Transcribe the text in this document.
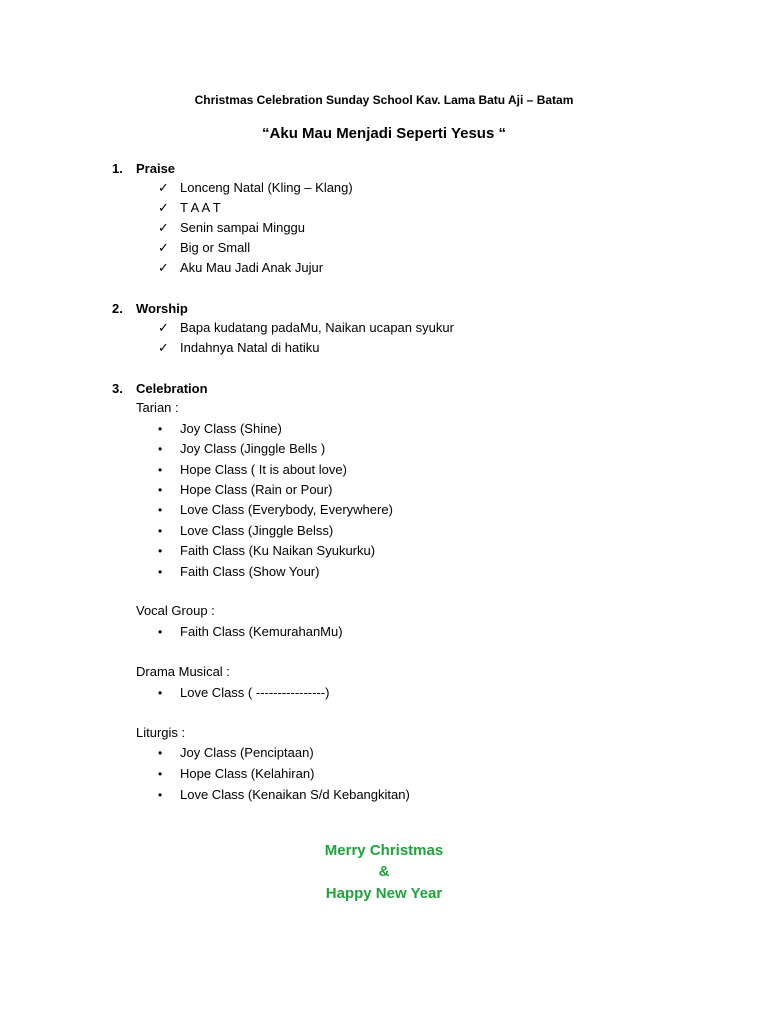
Christmas Celebration Sunday School Kav. Lama Batu Aji – Batam
“Aku Mau Menjadi Seperti Yesus “
1. Praise
✓ Lonceng Natal (Kling – Klang)
✓ T A A T
✓ Senin sampai Minggu
✓ Big or Small
✓ Aku Mau Jadi Anak Jujur
2. Worship
✓ Bapa kudatang padaMu, Naikan ucapan syukur
✓ Indahnya Natal di hatiku
3. Celebration
Tarian :
• Joy Class (Shine)
• Joy Class (Jinggle Bells )
• Hope Class ( It is about love)
• Hope Class (Rain or Pour)
• Love Class (Everybody, Everywhere)
• Love Class (Jinggle Belss)
• Faith Class (Ku Naikan Syukurku)
• Faith Class (Show Your)
Vocal Group :
• Faith Class (KemurahanMu)
Drama Musical :
• Love Class ( ----------------)
Liturgis :
• Joy Class (Penciptaan)
• Hope Class (Kelahiran)
• Love Class (Kenaikan S/d Kebangkitan)
Merry Christmas
&
Happy New Year
